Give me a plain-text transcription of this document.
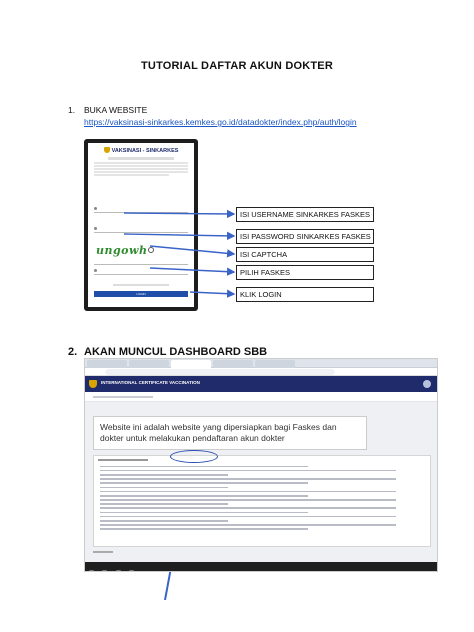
TUTORIAL DAFTAR AKUN DOKTER
1. BUKA WEBSITE
https://vaksinasi-sinkarkes.kemkes.go.id/datadokter/index.php/auth/login
VAKSINASI - SINKARKES
ungowh
LOGIN
ISI USERNAME SINKARKES FASKES
ISI PASSWORD SINKARKES FASKES
ISI CAPTCHA
PILIH FASKES
KLIK LOGIN
2. AKAN MUNCUL DASHBOARD SBB
INTERNATIONAL CERTIFICATE VACCINATION
Website ini adalah website yang dipersiapkan bagi Faskes dan dokter untuk melakukan pendaftaran akun dokter
